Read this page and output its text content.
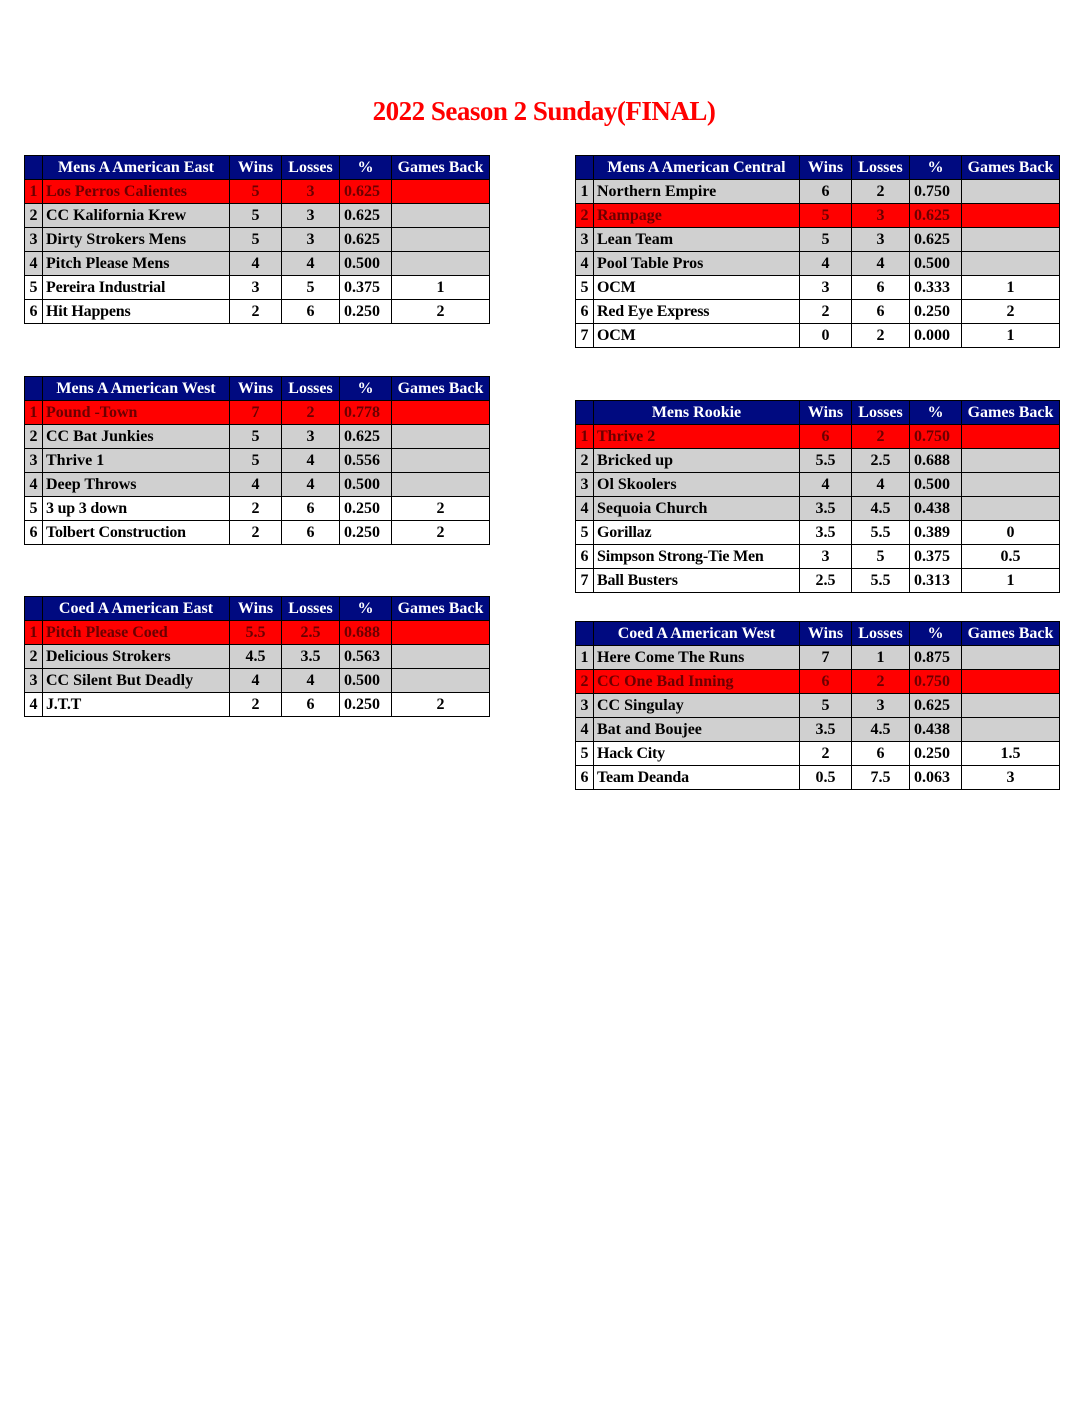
2022 Season 2 Sunday(FINAL)
	Mens A American East	Wins	Losses	%	Games Back
1	Los Perros Calientes	5	3	0.625	
2	CC Kalifornia Krew	5	3	0.625	
3	Dirty Strokers Mens	5	3	0.625	
4	Pitch Please Mens	4	4	0.500	
5	Pereira Industrial	3	5	0.375	1
6	Hit Happens	2	6	0.250	2
	Mens A American Central	Wins	Losses	%	Games Back
1	Northern Empire	6	2	0.750	
2	Rampage	5	3	0.625	
3	Lean Team	5	3	0.625	
4	Pool Table Pros	4	4	0.500	
5	OCM	3	6	0.333	1
6	Red Eye Express	2	6	0.250	2
7	OCM	0	2	0.000	1
	Mens A American West	Wins	Losses	%	Games Back
1	Pound -Town	7	2	0.778	
2	CC Bat Junkies	5	3	0.625	
3	Thrive 1	5	4	0.556	
4	Deep Throws	4	4	0.500	
5	3 up 3 down	2	6	0.250	2
6	Tolbert Construction	2	6	0.250	2
	Mens Rookie	Wins	Losses	%	Games Back
1	Thrive 2	6	2	0.750	
2	Bricked up	5.5	2.5	0.688	
3	Ol Skoolers	4	4	0.500	
4	Sequoia Church	3.5	4.5	0.438	
5	Gorillaz	3.5	5.5	0.389	0
6	Simpson Strong-Tie Men	3	5	0.375	0.5
7	Ball Busters	2.5	5.5	0.313	1
	Coed A American East	Wins	Losses	%	Games Back
1	Pitch Please Coed	5.5	2.5	0.688	
2	Delicious Strokers	4.5	3.5	0.563	
3	CC Silent But Deadly	4	4	0.500	
4	J.T.T	2	6	0.250	2
	Coed A American West	Wins	Losses	%	Games Back
1	Here Come The Runs	7	1	0.875	
2	CC One Bad Inning	6	2	0.750	
3	CC Singulay	5	3	0.625	
4	Bat and Boujee	3.5	4.5	0.438	
5	Hack City	2	6	0.250	1.5
6	Team Deanda	0.5	7.5	0.063	3
